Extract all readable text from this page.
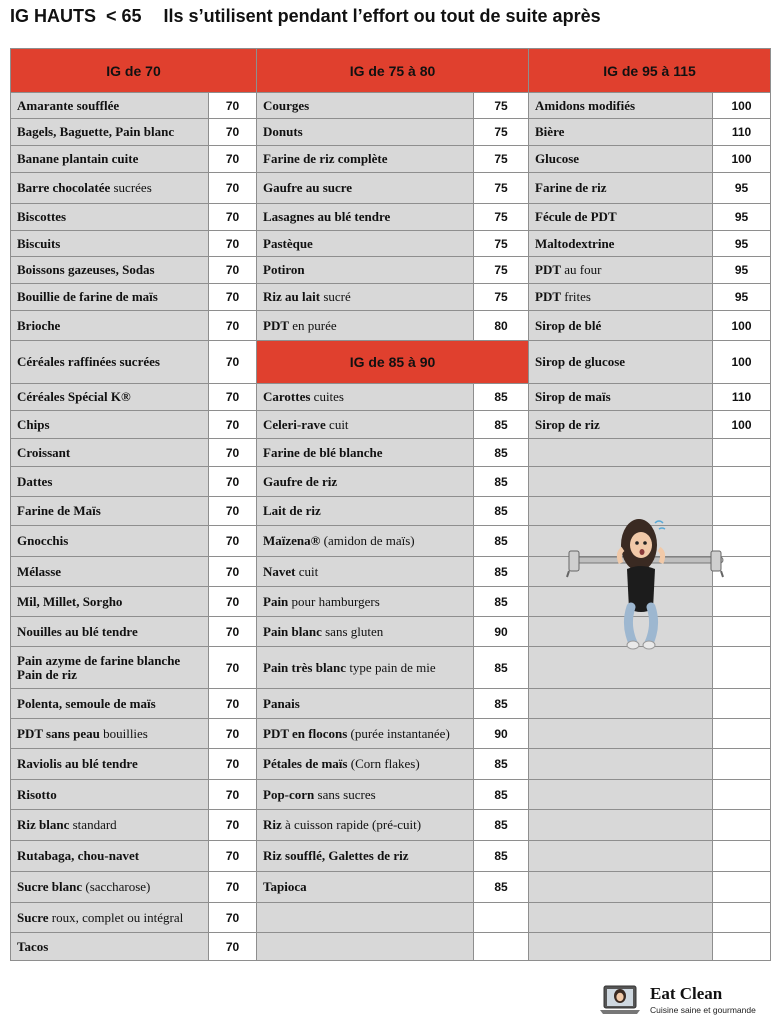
IG HAUTS  < 65 Ils s’utilisent pendant l’effort ou tout de suite après
IG de 70		IG de 75 à 80		IG de 95 à 115	
Amarante soufflée	70	Courges	75	Amidons modifiés	100
Bagels, Baguette, Pain blanc	70	Donuts	75	Bière	110
Banane plantain cuite	70	Farine de riz complète	75	Glucose	100
Barre chocolatée sucrées	70	Gaufre au sucre	75	Farine de riz	95
Biscottes	70	Lasagnes au blé tendre	75	Fécule de PDT	95
Biscuits	70	Pastèque	75	Maltodextrine	95
Boissons gazeuses, Sodas	70	Potiron	75	PDT au four	95
Bouillie de farine de maïs	70	Riz au lait sucré	75	PDT frites	95
Brioche	70	PDT en purée	80	Sirop de blé	100
Céréales raffinées sucrées	70	IG de 85 à 90		Sirop de glucose	100
Céréales Spécial K®	70	Carottes cuites	85	Sirop de maïs	110
Chips	70	Celeri-rave cuit	85	Sirop de riz	100
Croissant	70	Farine de blé blanche	85		
Dattes	70	Gaufre de riz	85		
Farine de Maïs	70	Lait de riz	85		
Gnocchis	70	Maïzena® (amidon de maïs)	85		
Mélasse	70	Navet cuit	85		
Mil, Millet, Sorgho	70	Pain pour hamburgers	85		
Nouilles au blé tendre	70	Pain blanc sans gluten	90		
Pain azyme de farine blanche
Pain de riz	70	Pain très blanc type pain de mie	85		
Polenta, semoule de maïs	70	Panais	85		
PDT sans peau bouillies	70	PDT en flocons (purée instantanée)	90		
Raviolis au blé tendre	70	Pétales de maïs (Corn flakes)	85		
Risotto	70	Pop-corn sans sucres	85		
Riz blanc standard	70	Riz à cuisson rapide (pré-cuit)	85		
Rutabaga, chou-navet	70	Riz soufflé, Galettes de riz	85		
Sucre blanc (saccharose)	70	Tapioca	85		
Sucre roux, complet ou intégral	70				
Tacos	70				
Eat Clean
Cuisine saine et gourmande
